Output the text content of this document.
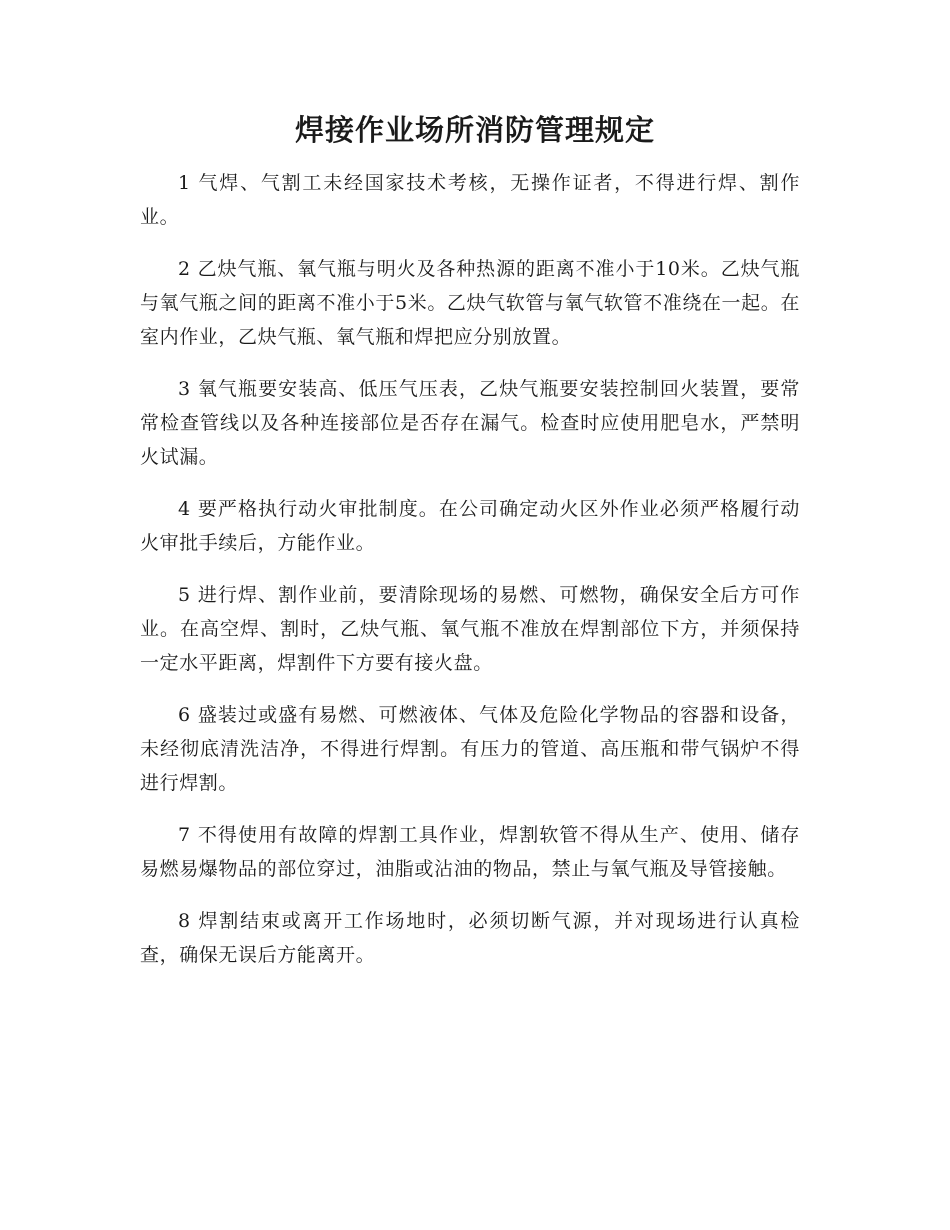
焊接作业场所消防管理规定

1 气焊、气割工未经国家技术考核，无操作证者，不得进行焊、割作业。

2 乙炔气瓶、氧气瓶与明火及各种热源的距离不准小于10米。乙炔气瓶与氧气瓶之间的距离不准小于5米。乙炔气软管与氧气软管不准绕在一起。在室内作业，乙炔气瓶、氧气瓶和焊把应分别放置。

3 氧气瓶要安装高、低压气压表，乙炔气瓶要安装控制回火装置，要常常检查管线以及各种连接部位是否存在漏气。检查时应使用肥皂水，严禁明火试漏。

4 要严格执行动火审批制度。在公司确定动火区外作业必须严格履行动火审批手续后，方能作业。

5 进行焊、割作业前，要清除现场的易燃、可燃物，确保安全后方可作业。在高空焊、割时，乙炔气瓶、氧气瓶不准放在焊割部位下方，并须保持一定水平距离，焊割件下方要有接火盘。

6 盛装过或盛有易燃、可燃液体、气体及危险化学物品的容器和设备，未经彻底清洗洁净，不得进行焊割。有压力的管道、高压瓶和带气锅炉不得进行焊割。

7 不得使用有故障的焊割工具作业，焊割软管不得从生产、使用、储存易燃易爆物品的部位穿过，油脂或沾油的物品，禁止与氧气瓶及导管接触。

8 焊割结束或离开工作场地时，必须切断气源，并对现场进行认真检查，确保无误后方能离开。
